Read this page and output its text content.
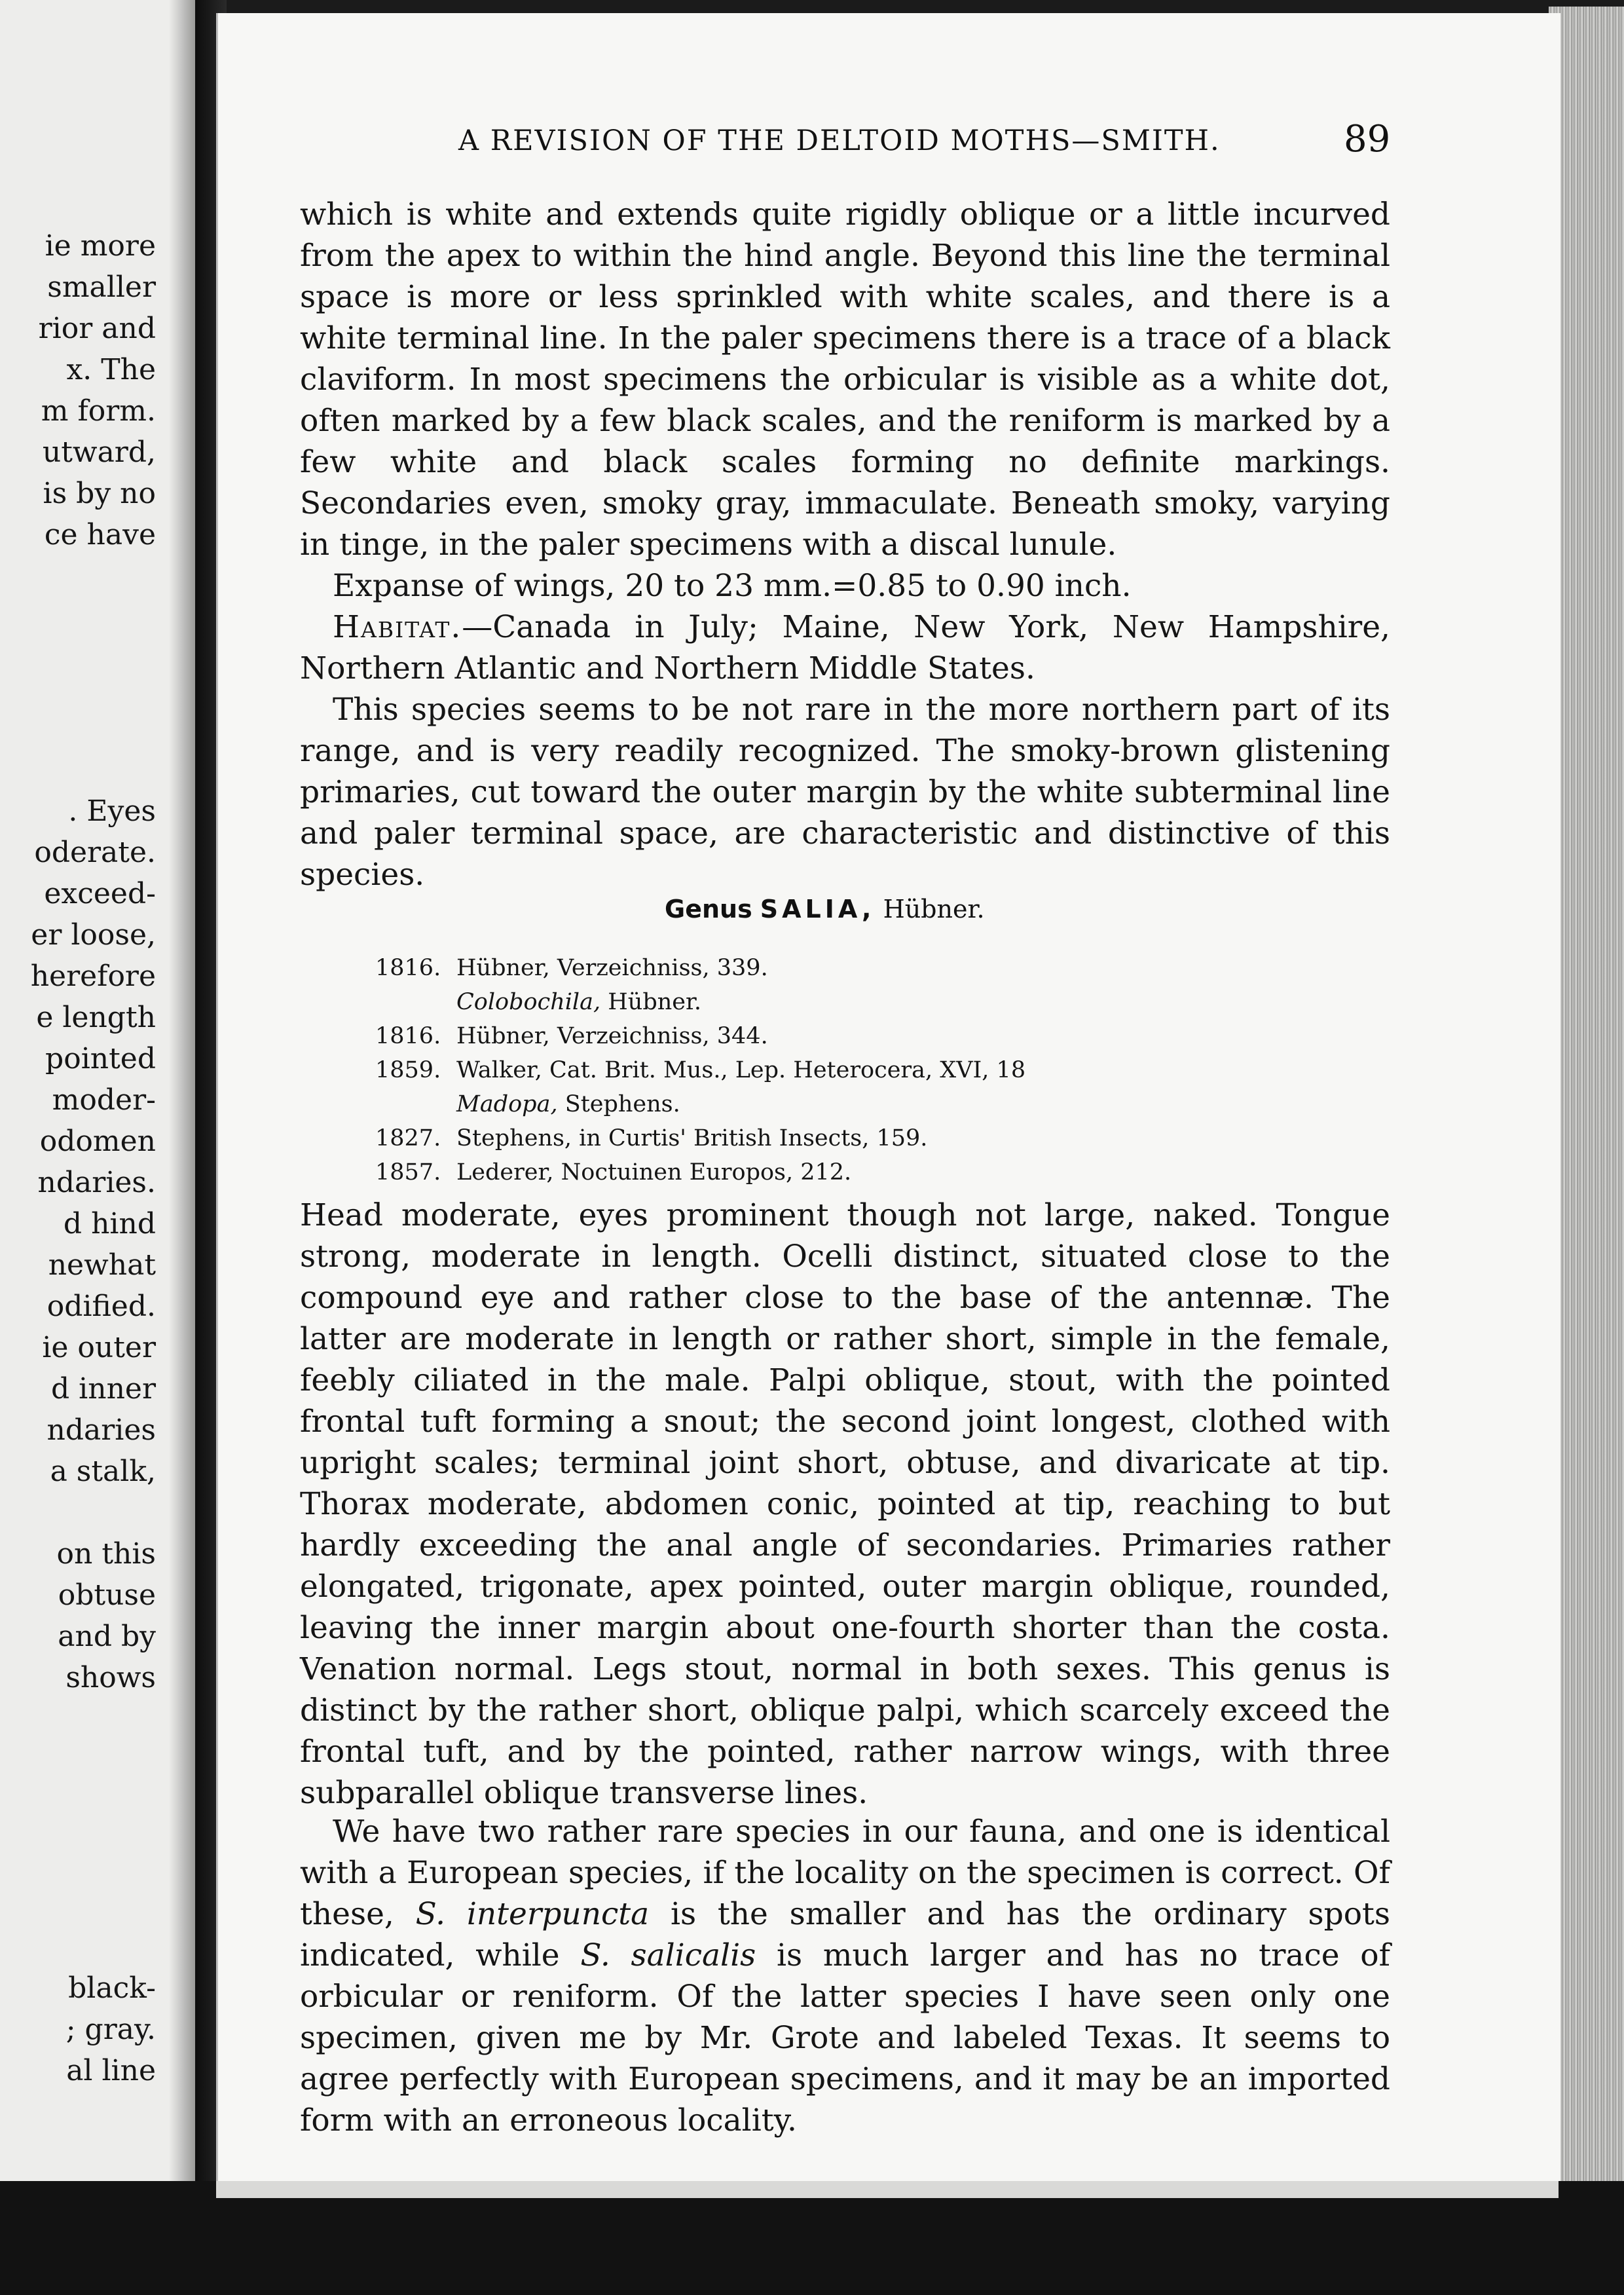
ie more
smaller
rior and
x. The
m form.
utward,
is by no
ce have
. Eyes
oderate.
exceed-
er loose,
herefore
e length
pointed
moder-
odomen
ndaries.
d hind
newhat
odified.
ie outer
d inner
ndaries
a stalk,
on this
obtuse
and by
shows
black-
; gray.
al line
A REVISION OF THE DELTOID MOTHS—SMITH.	89

which is white and extends quite rigidly oblique or a little incurved from the apex to within the hind angle. Beyond this line the terminal space is more or less sprinkled with white scales, and there is a white terminal line. In the paler specimens there is a trace of a black claviform. In most specimens the orbicular is visible as a white dot, often marked by a few black scales, and the reniform is marked by a few white and black scales forming no definite markings. Secondaries even, smoky gray, immaculate. Beneath smoky, varying in tinge, in the paler specimens with a discal lunule.

Expanse of wings, 20 to 23 mm.=0.85 to 0.90 inch.

Habitat.—Canada in July; Maine, New York, New Hampshire, Northern Atlantic and Northern Middle States.

This species seems to be not rare in the more northern part of its range, and is very readily recognized. The smoky-brown glistening primaries, cut toward the outer margin by the white subterminal line and paler terminal space, are characteristic and distinctive of this species.

Genus SALIA, Hübner.
1816. Hübner, Verzeichniss, 339.
Colobochila, Hübner.
1816. Hübner, Verzeichniss, 344.
1859. Walker, Cat. Brit. Mus., Lep. Heterocera, XVI, 18
Madopa, Stephens.
1827. Stephens, in Curtis' British Insects, 159.
1857. Lederer, Noctuinen Europos, 212.

Head moderate, eyes prominent though not large, naked. Tongue strong, moderate in length. Ocelli distinct, situated close to the compound eye and rather close to the base of the antennæ. The latter are moderate in length or rather short, simple in the female, feebly ciliated in the male. Palpi oblique, stout, with the pointed frontal tuft forming a snout; the second joint longest, clothed with upright scales; terminal joint short, obtuse, and divaricate at tip. Thorax moderate, abdomen conic, pointed at tip, reaching to but hardly exceeding the anal angle of secondaries. Primaries rather elongated, trigonate, apex pointed, outer margin oblique, rounded, leaving the inner margin about one-fourth shorter than the costa. Venation normal. Legs stout, normal in both sexes. This genus is distinct by the rather short, oblique palpi, which scarcely exceed the frontal tuft, and by the pointed, rather narrow wings, with three subparallel oblique transverse lines.

We have two rather rare species in our fauna, and one is identical with a European species, if the locality on the specimen is correct. Of these, S. interpuncta is the smaller and has the ordinary spots indicated, while S. salicalis is much larger and has no trace of orbicular or reniform. Of the latter species I have seen only one specimen, given me by Mr. Grote and labeled Texas. It seems to agree perfectly with European specimens, and it may be an imported form with an erroneous locality.
